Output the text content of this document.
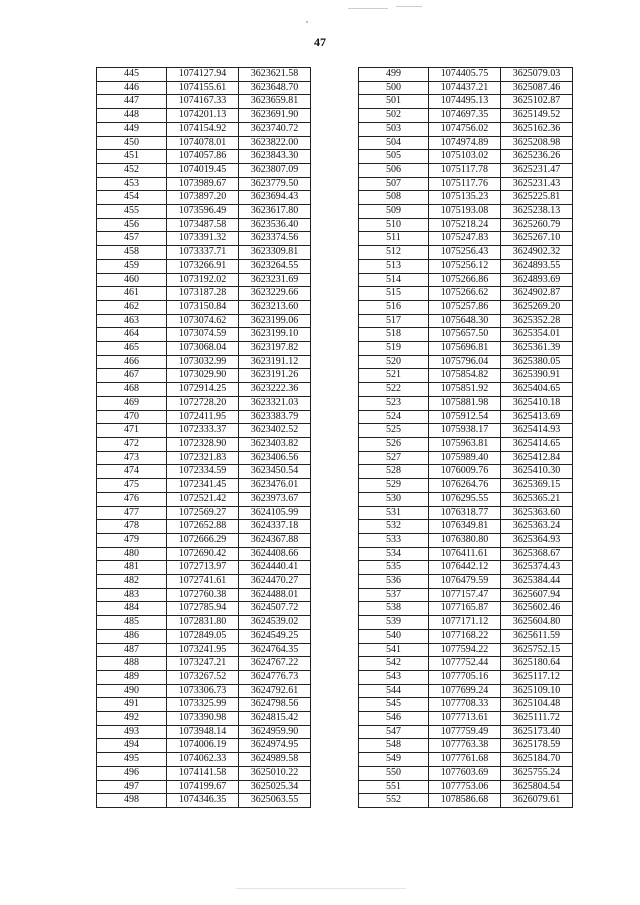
47
445	1074127.94	3623621.58
446	1074155.61	3623648.70
447	1074167.33	3623659.81
448	1074201.13	3623691.90
449	1074154.92	3623740.72
450	1074078.01	3623822.00
451	1074057.86	3623843.30
452	1074019.45	3623807.09
453	1073989.67	3623779.50
454	1073897.20	3623694.43
455	1073596.49	3623617.80
456	1073487.58	3623536.40
457	1073391.32	3623374.56
458	1073337.71	3623309.81
459	1073266.91	3623264.55
460	1073192.02	3623231.69
461	1073187.28	3623229.66
462	1073150.84	3623213.60
463	1073074.62	3623199.06
464	1073074.59	3623199.10
465	1073068.04	3623197.82
466	1073032.99	3623191.12
467	1073029.90	3623191.26
468	1072914.25	3623222.36
469	1072728.20	3623321.03
470	1072411.95	3623383.79
471	1072333.37	3623402.52
472	1072328.90	3623403.82
473	1072321.83	3623406.56
474	1072334.59	3623450.54
475	1072341.45	3623476.01
476	1072521.42	3623973.67
477	1072569.27	3624105.99
478	1072652.88	3624337.18
479	1072666.29	3624367.88
480	1072690.42	3624408.66
481	1072713.97	3624440.41
482	1072741.61	3624470.27
483	1072760.38	3624488.01
484	1072785.94	3624507.72
485	1072831.80	3624539.02
486	1072849.05	3624549.25
487	1073241.95	3624764.35
488	1073247.21	3624767.22
489	1073267.52	3624776.73
490	1073306.73	3624792.61
491	1073325.99	3624798.56
492	1073390.98	3624815.42
493	1073948.14	3624959.90
494	1074006.19	3624974.95
495	1074062.33	3624989.58
496	1074141.58	3625010.22
497	1074199.67	3625025.34
498	1074346.35	3625063.55
499	1074405.75	3625079.03
500	1074437.21	3625087.46
501	1074495.13	3625102.87
502	1074697.35	3625149.52
503	1074756.02	3625162.36
504	1074974.89	3625208.98
505	1075103.02	3625236.26
506	1075117.78	3625231.47
507	1075117.76	3625231.43
508	1075135.23	3625225.81
509	1075193.08	3625238.13
510	1075218.24	3625260.79
511	1075247.83	3625267.10
512	1075256.43	3624902.32
513	1075256.12	3624893.55
514	1075266.86	3624893.69
515	1075266.62	3624902.87
516	1075257.86	3625269.20
517	1075648.30	3625352.28
518	1075657.50	3625354.01
519	1075696.81	3625361.39
520	1075796.04	3625380.05
521	1075854.82	3625390.91
522	1075851.92	3625404.65
523	1075881.98	3625410.18
524	1075912.54	3625413.69
525	1075938.17	3625414.93
526	1075963.81	3625414.65
527	1075989.40	3625412.84
528	1076009.76	3625410.30
529	1076264.76	3625369.15
530	1076295.55	3625365.21
531	1076318.77	3625363.60
532	1076349.81	3625363.24
533	1076380.80	3625364.93
534	1076411.61	3625368.67
535	1076442.12	3625374.43
536	1076479.59	3625384.44
537	1077157.47	3625607.94
538	1077165.87	3625602.46
539	1077171.12	3625604.80
540	1077168.22	3625611.59
541	1077594.22	3625752.15
542	1077752.44	3625180.64
543	1077705.16	3625117.12
544	1077699.24	3625109.10
545	1077708.33	3625104.48
546	1077713.61	3625111.72
547	1077759.49	3625173.40
548	1077763.38	3625178.59
549	1077761.68	3625184.70
550	1077603.69	3625755.24
551	1077753.06	3625804.54
552	1078586.68	3626079.61
